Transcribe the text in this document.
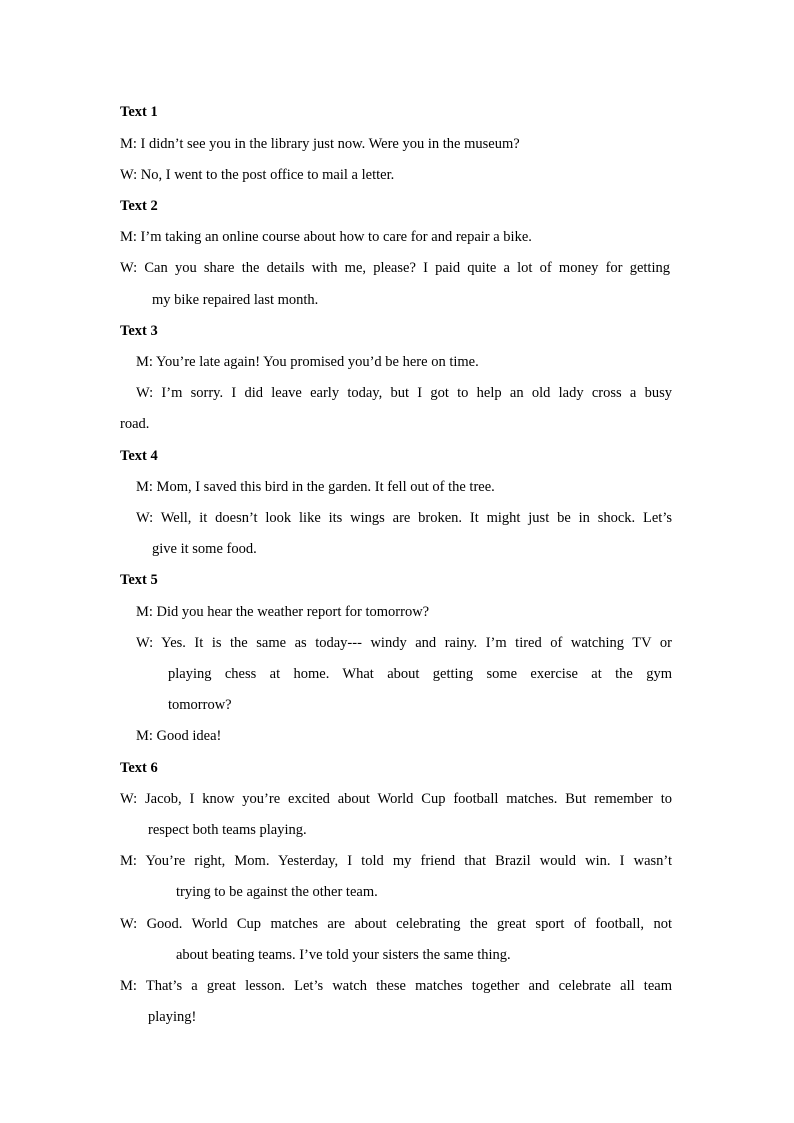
Text 1
M: I didn’t see you in the library just now. Were you in the museum?
W: No, I went to the post office to mail a letter.
Text 2
M: I’m taking an online course about how to care for and repair a bike.
W: Can you share the details with me, please? I paid quite a lot of money for getting
my bike repaired last month.
Text 3
M: You’re late again! You promised you’d be here on time.
W: I’m sorry. I did leave early today, but I got to help an old lady cross a busy
road.
Text 4
M: Mom, I saved this bird in the garden. It fell out of the tree.
W: Well, it doesn’t look like its wings are broken. It might just be in shock. Let’s
give it some food.
Text 5
M: Did you hear the weather report for tomorrow?
W: Yes. It is the same as today--- windy and rainy. I’m tired of watching TV or
playing chess at home. What about getting some exercise at the gym
tomorrow?
M: Good idea!
Text 6
W: Jacob, I know you’re excited about World Cup football matches. But remember to
respect both teams playing.
M: You’re right, Mom. Yesterday, I told my friend that Brazil would win. I wasn’t
trying to be against the other team.
W: Good. World Cup matches are about celebrating the great sport of football, not
about beating teams. I’ve told your sisters the same thing.
M: That’s a great lesson. Let’s watch these matches together and celebrate all team
playing!
